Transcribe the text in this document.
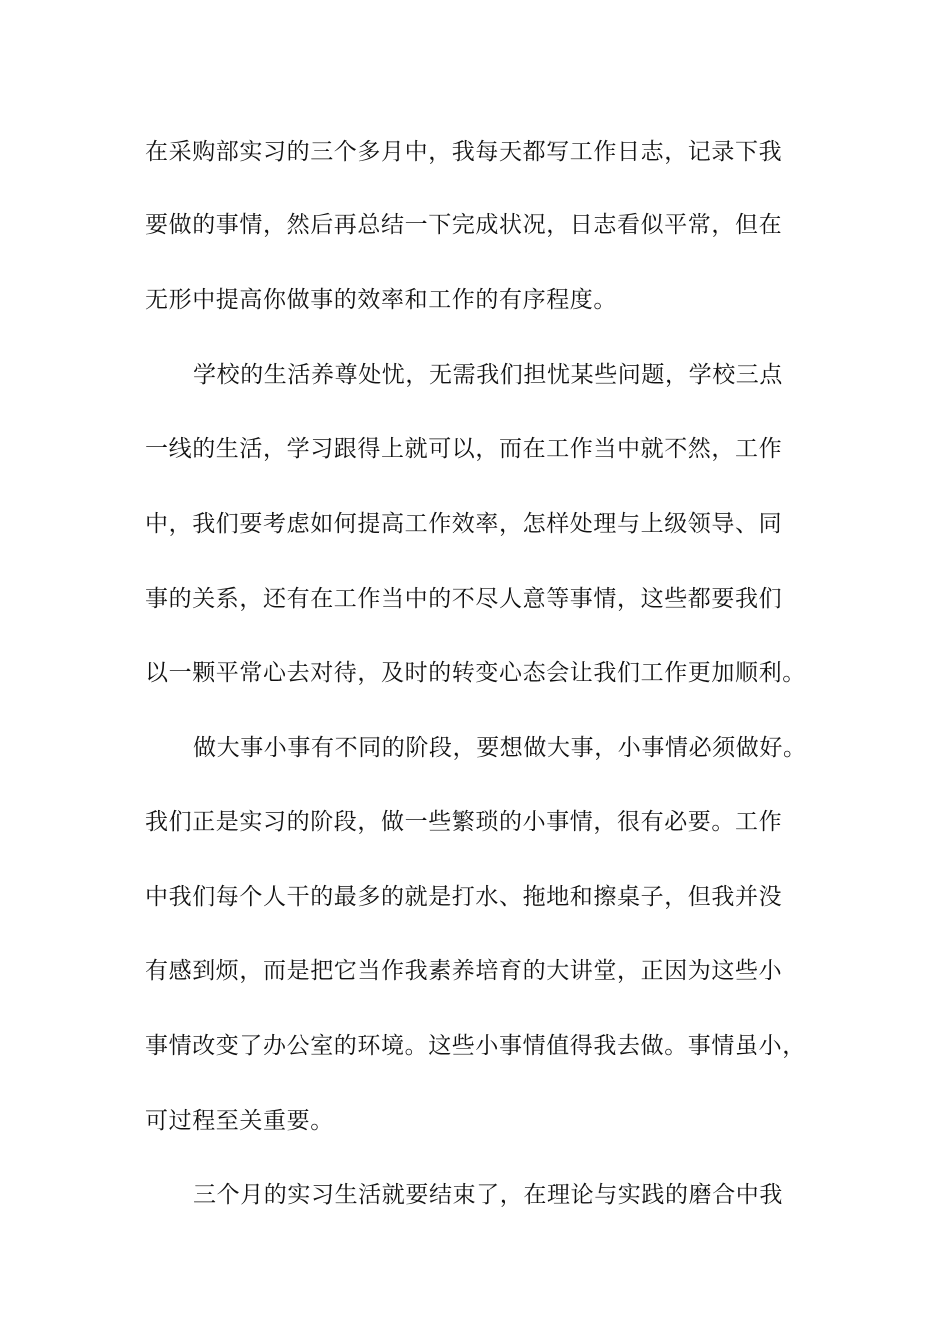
在采购部实习的三个多月中，我每天都写工作日志，记录下我
要做的事情，然后再总结一下完成状况，日志看似平常，但在
无形中提高你做事的效率和工作的有序程度。
学校的生活养尊处忧，无需我们担忧某些问题，学校三点
一线的生活，学习跟得上就可以，而在工作当中就不然，工作
中，我们要考虑如何提高工作效率，怎样处理与上级领导、同
事的关系，还有在工作当中的不尽人意等事情，这些都要我们
以一颗平常心去对待，及时的转变心态会让我们工作更加顺利。
做大事小事有不同的阶段，要想做大事，小事情必须做好。
我们正是实习的阶段，做一些繁琐的小事情，很有必要。工作
中我们每个人干的最多的就是打水、拖地和擦桌子，但我并没
有感到烦，而是把它当作我素养培育的大讲堂，正因为这些小
事情改变了办公室的环境。这些小事情值得我去做。事情虽小，
可过程至关重要。
三个月的实习生活就要结束了，在理论与实践的磨合中我
